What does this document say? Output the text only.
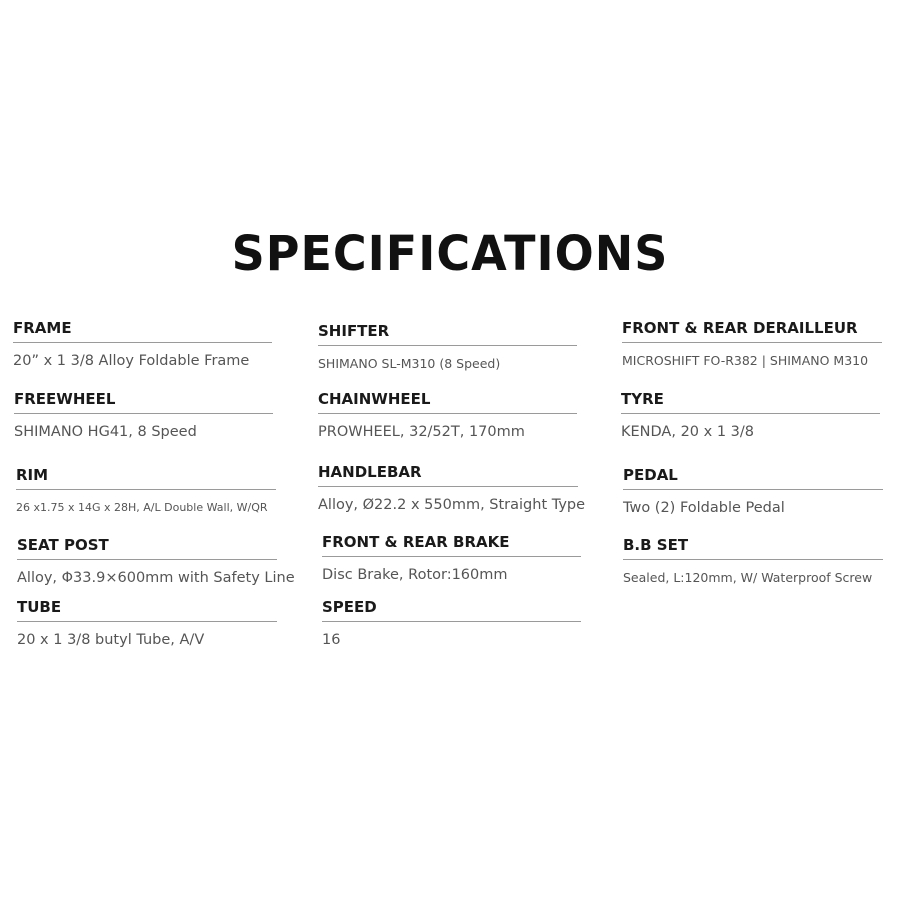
SPECIFICATIONS
FRAME
20” x 1 3/8 Alloy Foldable Frame
FREEWHEEL
SHIMANO HG41, 8 Speed
RIM
26 x1.75 x 14G x 28H, A/L Double Wall, W/QR
SEAT POST
Alloy, Φ33.9×600mm with Safety Line
TUBE
20 x 1 3/8 butyl Tube, A/V
SHIFTER
SHIMANO SL-M310 (8 Speed)
CHAINWHEEL
PROWHEEL, 32/52T, 170mm
HANDLEBAR
Alloy, Ø22.2 x 550mm, Straight Type
FRONT & REAR BRAKE
Disc Brake, Rotor:160mm
SPEED
16
FRONT & REAR DERAILLEUR
MICROSHIFT FO-R382 | SHIMANO M310
TYRE
KENDA, 20 x 1 3/8
PEDAL
Two (2) Foldable Pedal
B.B SET
Sealed, L:120mm, W/ Waterproof Screw
